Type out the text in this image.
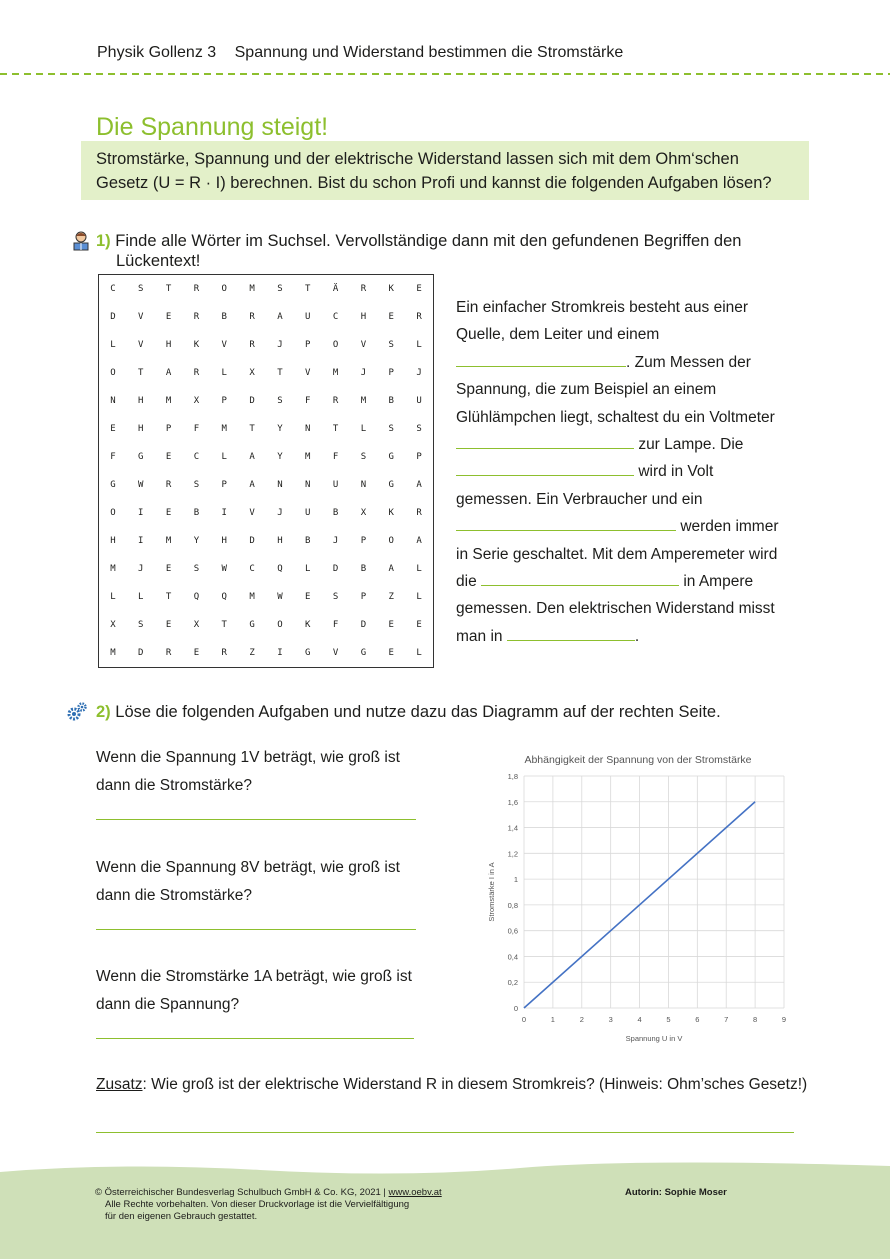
Physik Gollenz 3 Spannung und Widerstand bestimmen die Stromstärke
Die Spannung steigt!
Stromstärke, Spannung und der elektrische Widerstand lassen sich mit dem Ohm‘schen
Gesetz (U = R · I) berechnen. Bist du schon Profi und kannst die folgenden Aufgaben lösen?
1) Finde alle Wörter im Suchsel. Vervollständige dann mit den gefundenen Begriffen den
Lückentext!
C	S	T	R	O	M	S	T	Ä	R	K	E
D	V	E	R	B	R	A	U	C	H	E	R
L	V	H	K	V	R	J	P	O	V	S	L
O	T	A	R	L	X	T	V	M	J	P	J
N	H	M	X	P	D	S	F	R	M	B	U
E	H	P	F	M	T	Y	N	T	L	S	S
F	G	E	C	L	A	Y	M	F	S	G	P
G	W	R	S	P	A	N	N	U	N	G	A
O	I	E	B	I	V	J	U	B	X	K	R
H	I	M	Y	H	D	H	B	J	P	O	A
M	J	E	S	W	C	Q	L	D	B	A	L
L	L	T	Q	Q	M	W	E	S	P	Z	L
X	S	E	X	T	G	O	K	F	D	E	E
M	D	R	E	R	Z	I	G	V	G	E	L
Ein einfacher Stromkreis besteht aus einer
Quelle, dem Leiter und einem
. Zum Messen der
Spannung, die zum Beispiel an einem
Glühlämpchen liegt, schaltest du ein Voltmeter
zur Lampe. Die
wird in Volt
gemessen. Ein Verbraucher und ein
werden immer
in Serie geschaltet. Mit dem Amperemeter wird
die	in Ampere
gemessen. Den elektrischen Widerstand misst
man in	.
2) Löse die folgenden Aufgaben und nutze dazu das Diagramm auf der rechten Seite.
Wenn die Spannung 1V beträgt, wie groß ist
dann die Stromstärke?
Wenn die Spannung 8V beträgt, wie groß ist
dann die Stromstärke?
Wenn die Stromstärke 1A beträgt, wie groß ist
dann die Spannung?
Abhängigkeit der Spannung von der Stromstärke
0
0,2
0,4
0,6
0,8
1
1,2
1,4
1,6
1,8
0	1	2	3	4	5	6	7	8	9
Spannung U in V
Stromstärke I in A
Zusatz: Wie groß ist der elektrische Widerstand R in diesem Stromkreis? (Hinweis: Ohm’sches Gesetz!)
© Österreichischer Bundesverlag Schulbuch GmbH & Co. KG, 2021 | www.oebv.at
Alle Rechte vorbehalten. Von dieser Druckvorlage ist die Vervielfältigung
für den eigenen Gebrauch gestattet.
Autorin: Sophie Moser
